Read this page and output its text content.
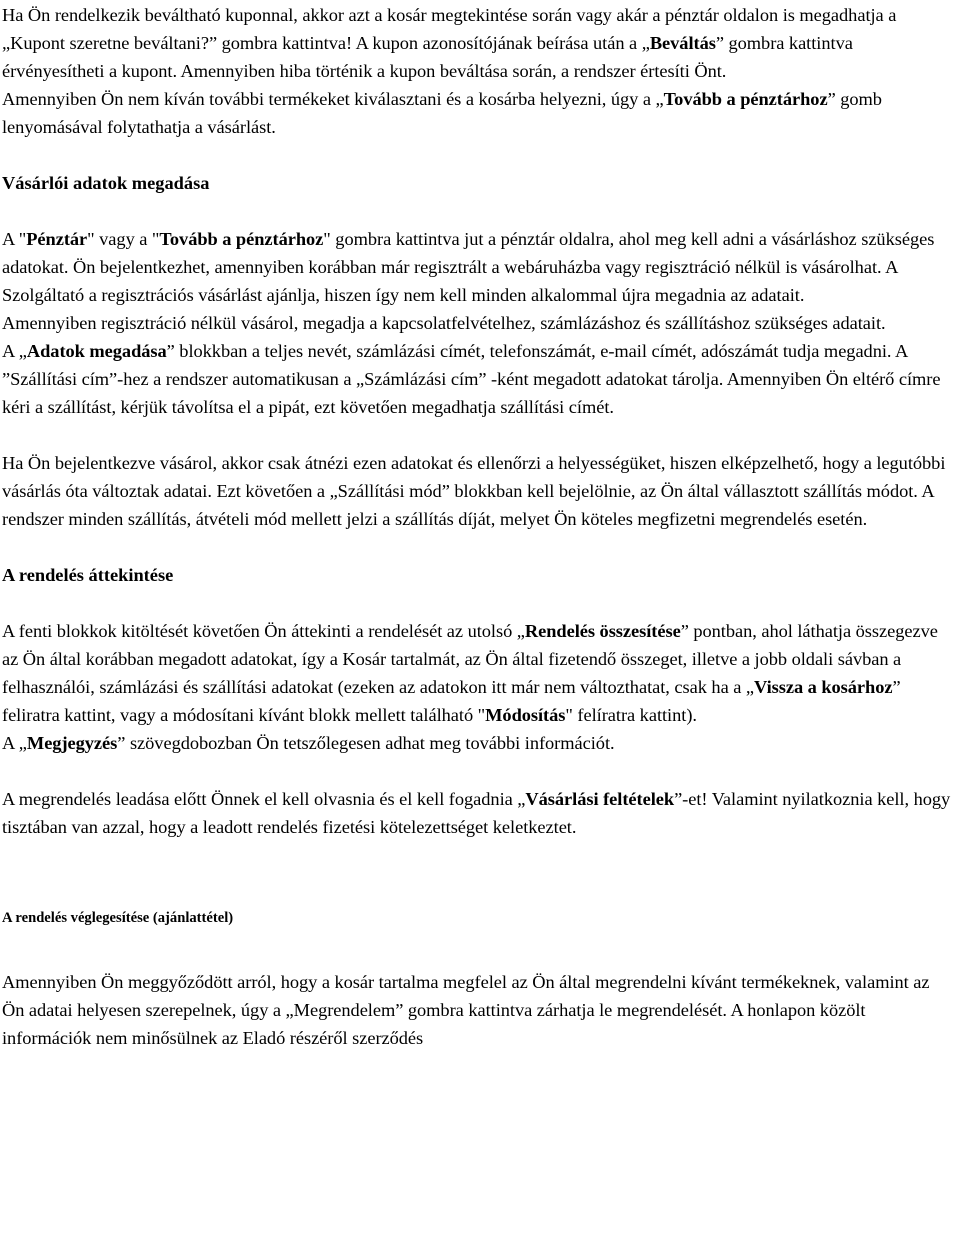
Ha Ön rendelkezik beváltható kuponnal, akkor azt a kosár megtekintése során vagy akár a pénztár oldalon is megadhatja a „Kupont szeretne beváltani?” gombra kattintva! A kupon azonosítójának beírása után a „Beváltás” gombra kattintva érvényesítheti a kupont. Amennyiben hiba történik a kupon beváltása során, a rendszer értesíti Önt.

Amennyiben Ön nem kíván további termékeket kiválasztani és a kosárba helyezni, úgy a „Tovább a pénztárhoz” gomb lenyomásával folytathatja a vásárlást.

Vásárlói adatok megadása

A "Pénztár" vagy a "Tovább a pénztárhoz" gombra kattintva jut a pénztár oldalra, ahol meg kell adni a vásárláshoz szükséges adatokat. Ön bejelentkezhet, amennyiben korábban már regisztrált a webáruházba vagy regisztráció nélkül is vásárolhat. A Szolgáltató a regisztrációs vásárlást ajánlja, hiszen így nem kell minden alkalommal újra megadnia az adatait.

Amennyiben regisztráció nélkül vásárol, megadja a kapcsolatfelvételhez, számlázáshoz és szállításhoz szükséges adatait.

A „Adatok megadása” blokkban a teljes nevét, számlázási címét, telefonszámát, e-mail címét, adószámát tudja megadni. A ”Szállítási cím”-hez a rendszer automatikusan a „Számlázási cím” -ként megadott adatokat tárolja. Amennyiben Ön eltérő címre kéri a szállítást, kérjük távolítsa el a pipát, ezt követően megadhatja szállítási címét.

Ha Ön bejelentkezve vásárol, akkor csak átnézi ezen adatokat és ellenőrzi a helyességüket, hiszen elképzelhető, hogy a legutóbbi vásárlás óta változtak adatai. Ezt követően a „Szállítási mód” blokkban kell bejelölnie, az Ön által vállasztott szállítás módot. A rendszer minden szállítás, átvételi mód mellett jelzi a szállítás díját, melyet Ön köteles megfizetni megrendelés esetén.

A rendelés áttekintése

A fenti blokkok kitöltését követően Ön áttekinti a rendelését az utolsó „Rendelés összesítése” pontban, ahol láthatja összegezve az Ön által korábban megadott adatokat, így a Kosár tartalmát, az Ön által fizetendő összeget, illetve a jobb oldali sávban a felhasználói, számlázási és szállítási adatokat (ezeken az adatokon itt már nem változthatat, csak ha a „Vissza a kosárhoz” feliratra kattint, vagy a módosítani kívánt blokk mellett található "Módosítás" felíratra kattint).

A „Megjegyzés” szövegdobozban Ön tetszőlegesen adhat meg további információt.

A megrendelés leadása előtt Önnek el kell olvasnia és el kell fogadnia „Vásárlási feltételek”-et! Valamint nyilatkoznia kell, hogy tisztában van azzal, hogy a leadott rendelés fizetési kötelezettséget keletkeztet.

A rendelés véglegesítése (ajánlattétel)

Amennyiben Ön meggyőződött arról, hogy a kosár tartalma megfelel az Ön által megrendelni kívánt termékeknek, valamint az Ön adatai helyesen szerepelnek, úgy a „Megrendelem” gombra kattintva zárhatja le megrendelését. A honlapon közölt információk nem minősülnek az Eladó részéről szerződés
